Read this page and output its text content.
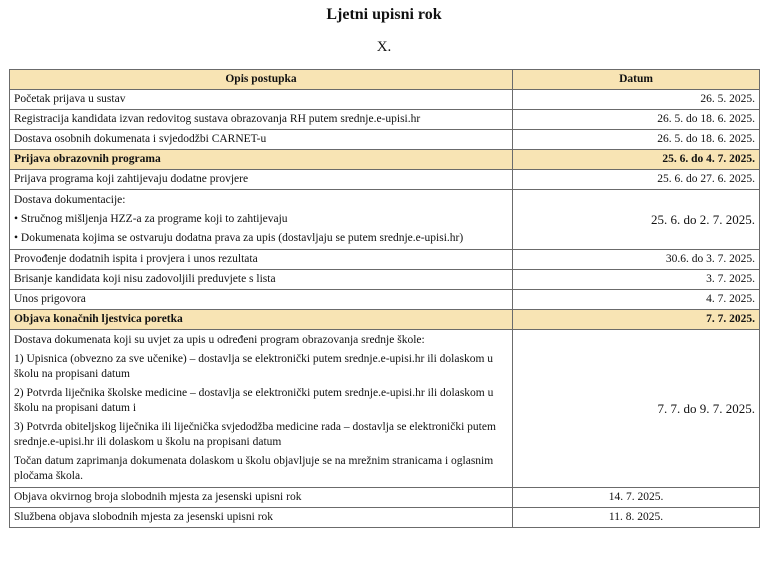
Ljetni upisni rok
X.
Opis postupka	Datum

Početak prijava u sustav	26. 5. 2025.

Registracija kandidata izvan redovitog sustava obrazovanja RH putem srednje.e-upisi.hr	26. 5. do 18. 6. 2025.

Dostava osobnih dokumenata i svjedodžbi CARNET-u	26. 5. do 18. 6. 2025.

Prijava obrazovnih programa	25. 6. do 4. 7. 2025.

Prijava programa koji zahtijevaju dodatne provjere	25. 6. do 27. 6. 2025.

Dostava dokumentacije:
• Stručnog mišljenja HZZ-a za programe koji to zahtijevaju
• Dokumenata kojima se ostvaruju dodatna prava za upis (dostavljaju se putem srednje.e-upisi.hr)	25. 6. do 2. 7. 2025.

Provođenje dodatnih ispita i provjera i unos rezultata	30.6. do 3. 7. 2025.

Brisanje kandidata koji nisu zadovoljili preduvjete s lista	3. 7. 2025.

Unos prigovora	4. 7. 2025.

Objava konačnih ljestvica poretka	7. 7. 2025.

Dostava dokumenata koji su uvjet za upis u određeni program obrazovanja srednje škole:
1) Upisnica (obvezno za sve učenike) – dostavlja se elektronički putem srednje.e-upisi.hr ili dolaskom u školu na propisani datum
2) Potvrda liječnika školske medicine – dostavlja se elektronički putem srednje.e-upisi.hr ili dolaskom u školu na propisani datum i
3) Potvrda obiteljskog liječnika ili liječnička svjedodžba medicine rada – dostavlja se elektronički putem srednje.e-upisi.hr ili dolaskom u školu na propisani datum
Točan datum zaprimanja dokumenata dolaskom u školu objavljuje se na mrežnim stranicama i oglasnim pločama škola.	7. 7. do 9. 7. 2025.

Objava okvirnog broja slobodnih mjesta za jesenski upisni rok	14. 7. 2025.

Službena objava slobodnih mjesta za jesenski upisni rok	11. 8. 2025.
